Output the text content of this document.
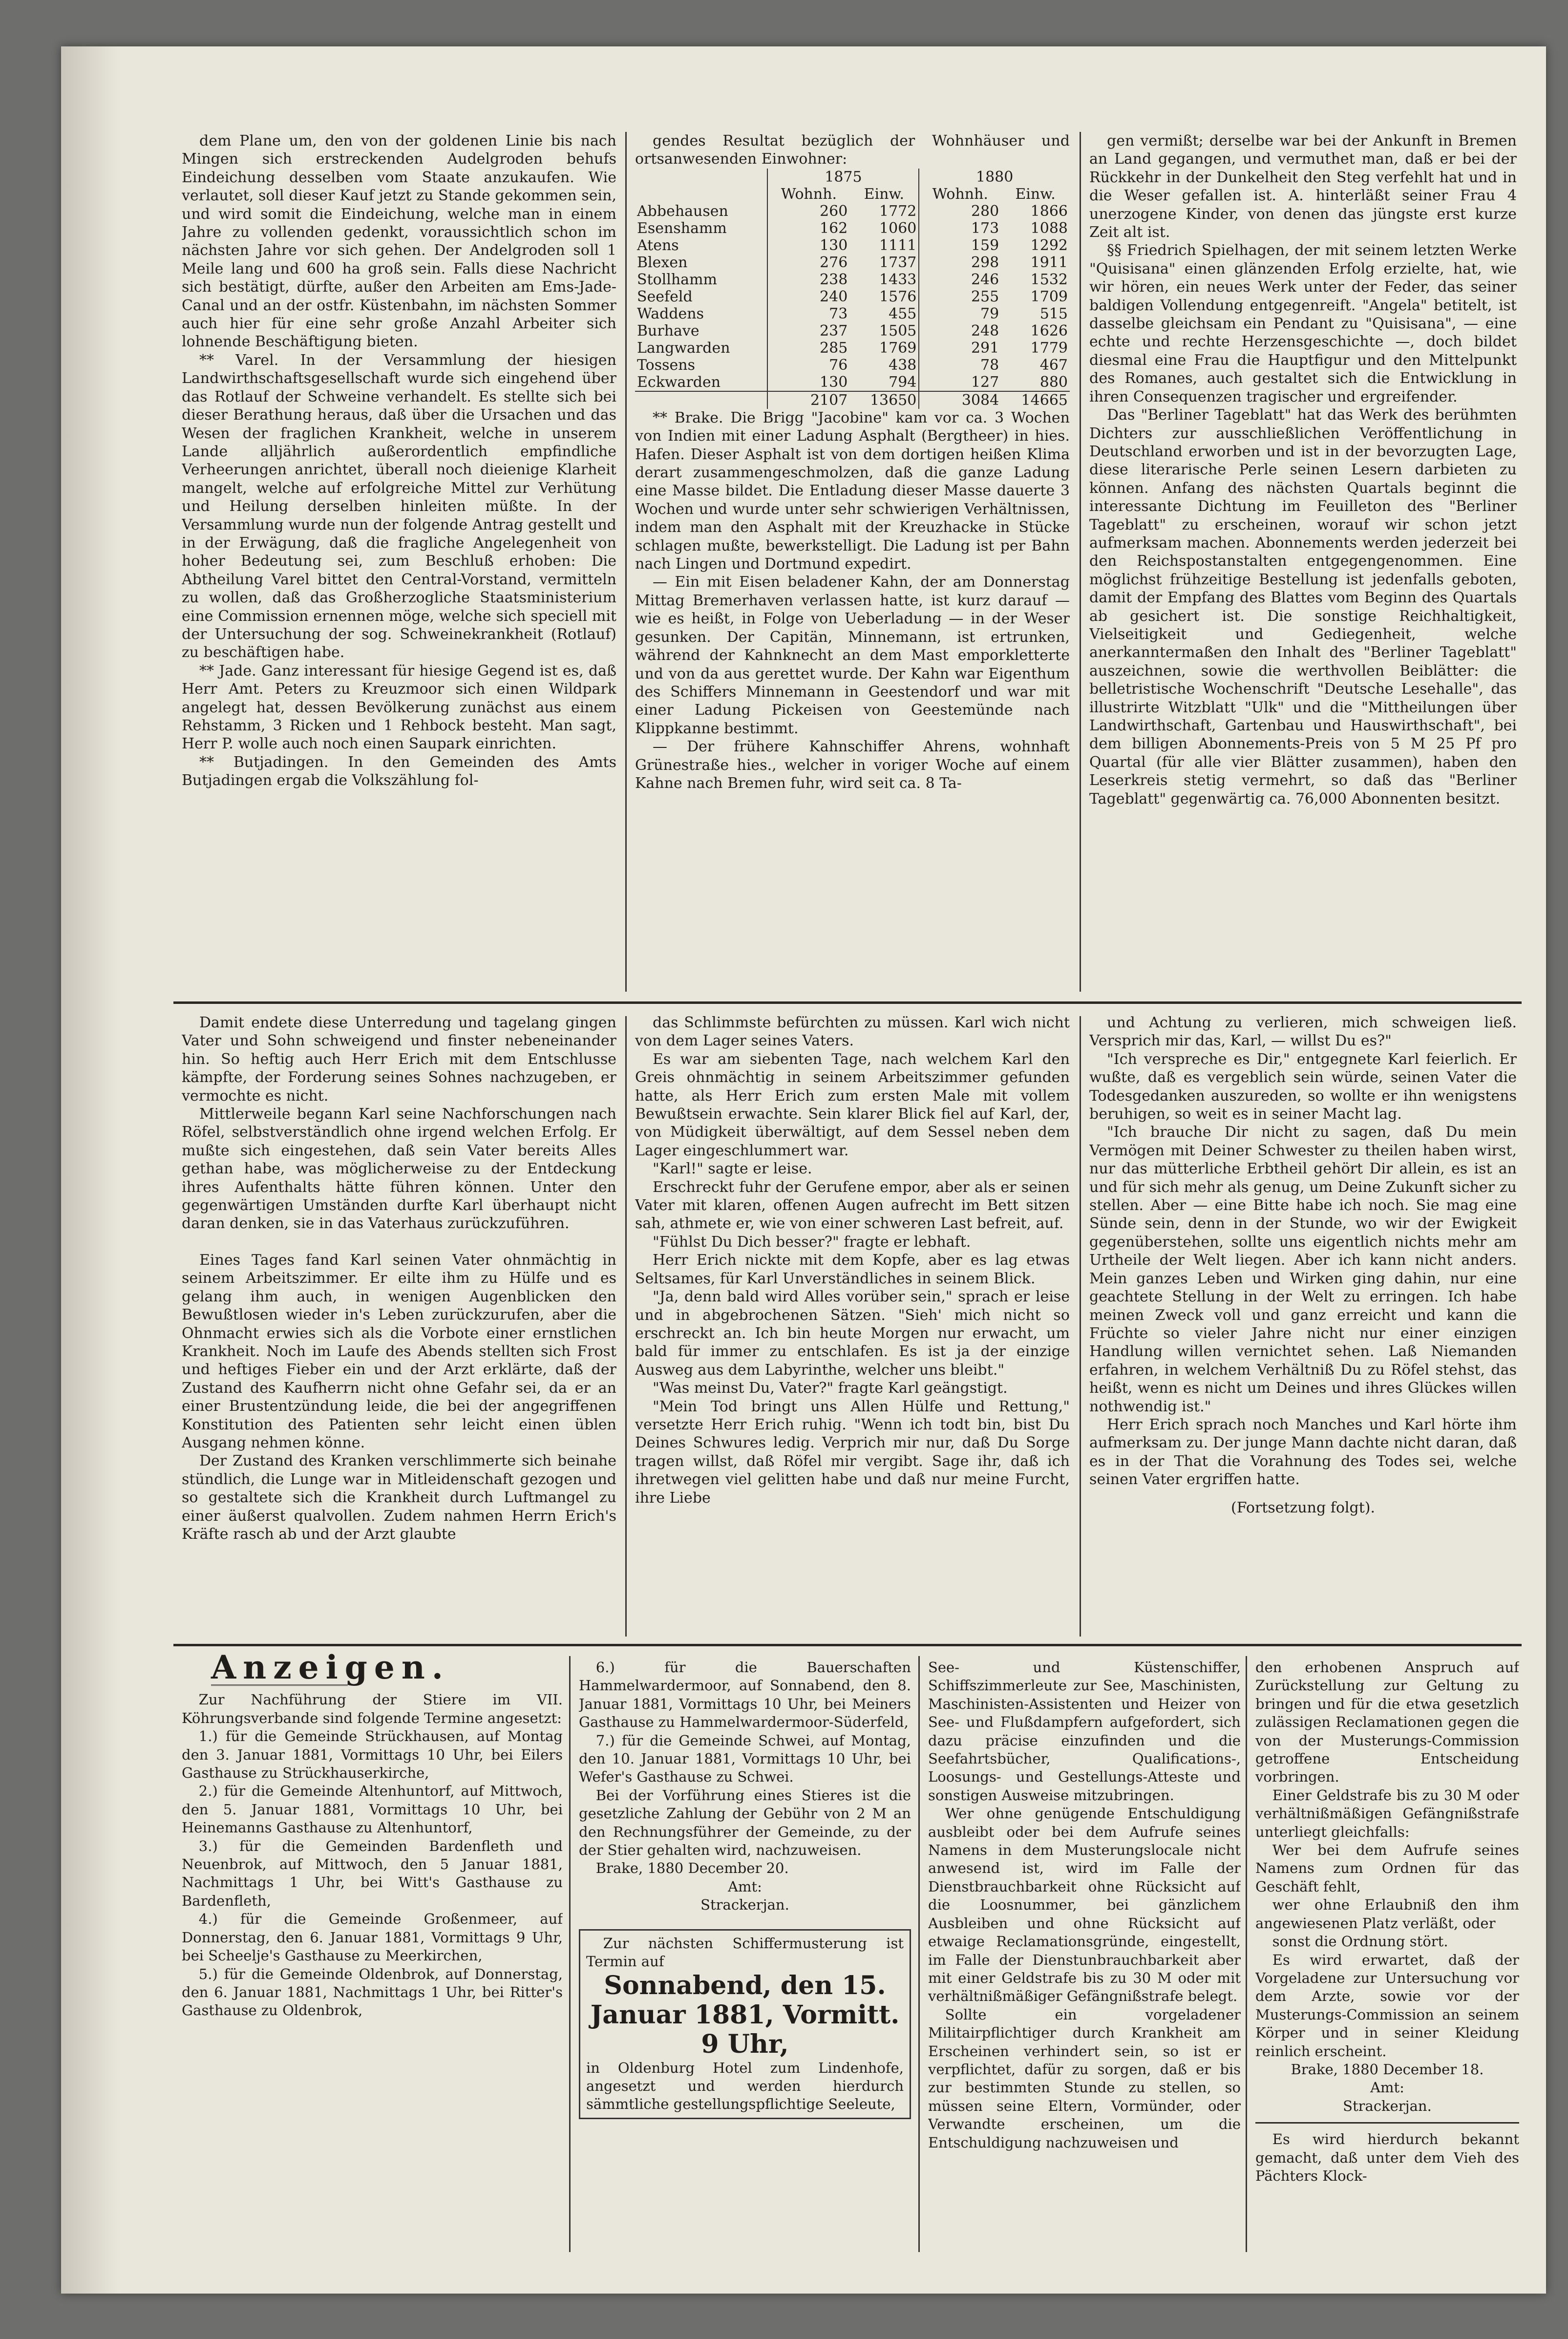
dem Plane um, den von der goldenen Linie bis nach Mingen sich erstreckenden Audelgroden behufs Eindeichung desselben vom Staate anzukaufen. Wie verlautet, soll dieser Kauf jetzt zu Stande gekommen sein, und wird somit die Eindeichung, welche man in einem Jahre zu vollenden gedenkt, voraussichtlich schon im nächsten Jahre vor sich gehen. Der Andelgroden soll 1 Meile lang und 600 ha groß sein. Falls diese Nachricht sich bestätigt, dürfte, außer den Arbeiten am Ems-Jade-Canal und an der ostfr. Küstenbahn, im nächsten Sommer auch hier für eine sehr große Anzahl Arbeiter sich lohnende Beschäftigung bieten.

** Varel. In der Versammlung der hiesigen Landwirthschaftsgesellschaft wurde sich eingehend über das Rotlauf der Schweine verhandelt. Es stellte sich bei dieser Berathung heraus, daß über die Ursachen und das Wesen der fraglichen Krankheit, welche in unserem Lande alljährlich außerordentlich empfindliche Verheerungen anrichtet, überall noch dieienige Klarheit mangelt, welche auf erfolgreiche Mittel zur Verhütung und Heilung derselben hinleiten müßte. In der Versammlung wurde nun der folgende Antrag gestellt und in der Erwägung, daß die fragliche Angelegenheit von hoher Bedeutung sei, zum Beschluß erhoben: Die Abtheilung Varel bittet den Central-Vorstand, vermitteln zu wollen, daß das Großherzogliche Staatsministerium eine Commission ernennen möge, welche sich speciell mit der Untersuchung der sog. Schweinekrankheit (Rotlauf) zu beschäftigen habe.

** Jade. Ganz interessant für hiesige Gegend ist es, daß Herr Amt. Peters zu Kreuzmoor sich einen Wildpark angelegt hat, dessen Bevölkerung zunächst aus einem Rehstamm, 3 Ricken und 1 Rehbock besteht. Man sagt, Herr P. wolle auch noch einen Saupark einrichten.

** Butjadingen. In den Gemeinden des Amts Butjadingen ergab die Volkszählung fol-

gendes Resultat bezüglich der Wohnhäuser und ortsanwesenden Einwohner:

	1875		1880	
	Wohnh.	Einw.	Wohnh.	Einw.
Abbehausen	260	1772	280	1866
Esenshamm	162	1060	173	1088
Atens	130	1111	159	1292
Blexen	276	1737	298	1911
Stollhamm	238	1433	246	1532
Seefeld	240	1576	255	1709
Waddens	73	455	79	515
Burhave	237	1505	248	1626
Langwarden	285	1769	291	1779
Tossens	76	438	78	467
Eckwarden	130	794	127	880
	2107	13650	3084	14665

** Brake. Die Brigg "Jacobine" kam vor ca. 3 Wochen von Indien mit einer Ladung Asphalt (Bergtheer) in hies. Hafen. Dieser Asphalt ist von dem dortigen heißen Klima derart zusammengeschmolzen, daß die ganze Ladung eine Masse bildet. Die Entladung dieser Masse dauerte 3 Wochen und wurde unter sehr schwierigen Verhältnissen, indem man den Asphalt mit der Kreuzhacke in Stücke schlagen mußte, bewerkstelligt. Die Ladung ist per Bahn nach Lingen und Dortmund expedirt.

— Ein mit Eisen beladener Kahn, der am Donnerstag Mittag Bremerhaven verlassen hatte, ist kurz darauf — wie es heißt, in Folge von Ueberladung — in der Weser gesunken. Der Capitän, Minnemann, ist ertrunken, während der Kahnknecht an dem Mast emporkletterte und von da aus gerettet wurde. Der Kahn war Eigenthum des Schiffers Minnemann in Geestendorf und war mit einer Ladung Pickeisen von Geestemünde nach Klippkanne bestimmt.

— Der frühere Kahnschiffer Ahrens, wohnhaft Grünestraße hies., welcher in voriger Woche auf einem Kahne nach Bremen fuhr, wird seit ca. 8 Ta-

gen vermißt; derselbe war bei der Ankunft in Bremen an Land gegangen, und vermuthet man, daß er bei der Rückkehr in der Dunkelheit den Steg verfehlt hat und in die Weser gefallen ist. A. hinterläßt seiner Frau 4 unerzogene Kinder, von denen das jüngste erst kurze Zeit alt ist.

§§ Friedrich Spielhagen, der mit seinem letzten Werke "Quisisana" einen glänzenden Erfolg erzielte, hat, wie wir hören, ein neues Werk unter der Feder, das seiner baldigen Vollendung entgegenreift. "Angela" betitelt, ist dasselbe gleichsam ein Pendant zu "Quisisana", — eine echte und rechte Herzensgeschichte —, doch bildet diesmal eine Frau die Hauptfigur und den Mittelpunkt des Romanes, auch gestaltet sich die Entwicklung in ihren Consequenzen tragischer und ergreifender.

Das "Berliner Tageblatt" hat das Werk des berühmten Dichters zur ausschließlichen Veröffentlichung in Deutschland erworben und ist in der bevorzugten Lage, diese literarische Perle seinen Lesern darbieten zu können. Anfang des nächsten Quartals beginnt die interessante Dichtung im Feuilleton des "Berliner Tageblatt" zu erscheinen, worauf wir schon jetzt aufmerksam machen. Abonnements werden jederzeit bei den Reichspostanstalten entgegengenommen. Eine möglichst frühzeitige Bestellung ist jedenfalls geboten, damit der Empfang des Blattes vom Beginn des Quartals ab gesichert ist. Die sonstige Reichhaltigkeit, Vielseitigkeit und Gediegenheit, welche anerkanntermaßen den Inhalt des "Berliner Tageblatt" auszeichnen, sowie die werthvollen Beiblätter: die belletristische Wochenschrift "Deutsche Lesehalle", das illustrirte Witzblatt "Ulk" und die "Mittheilungen über Landwirthschaft, Gartenbau und Hauswirthschaft", bei dem billigen Abonnements-Preis von 5 M 25 Pf pro Quartal (für alle vier Blätter zusammen), haben den Leserkreis stetig vermehrt, so daß das "Berliner Tageblatt" gegenwärtig ca. 76,000 Abonnenten besitzt.

Damit endete diese Unterredung und tagelang gingen Vater und Sohn schweigend und finster nebeneinander hin. So heftig auch Herr Erich mit dem Entschlusse kämpfte, der Forderung seines Sohnes nachzugeben, er vermochte es nicht.

Mittlerweile begann Karl seine Nachforschungen nach Röfel, selbstverständlich ohne irgend welchen Erfolg. Er mußte sich eingestehen, daß sein Vater bereits Alles gethan habe, was möglicherweise zu der Entdeckung ihres Aufenthalts hätte führen können. Unter den gegenwärtigen Umständen durfte Karl überhaupt nicht daran denken, sie in das Vaterhaus zurückzuführen.

Eines Tages fand Karl seinen Vater ohnmächtig in seinem Arbeitszimmer. Er eilte ihm zu Hülfe und es gelang ihm auch, in wenigen Augenblicken den Bewußtlosen wieder in's Leben zurückzurufen, aber die Ohnmacht erwies sich als die Vorbote einer ernstlichen Krankheit. Noch im Laufe des Abends stellten sich Frost und heftiges Fieber ein und der Arzt erklärte, daß der Zustand des Kaufherrn nicht ohne Gefahr sei, da er an einer Brustentzündung leide, die bei der angegriffenen Konstitution des Patienten sehr leicht einen üblen Ausgang nehmen könne.

Der Zustand des Kranken verschlimmerte sich beinahe stündlich, die Lunge war in Mitleidenschaft gezogen und so gestaltete sich die Krankheit durch Luftmangel zu einer äußerst qualvollen. Zudem nahmen Herrn Erich's Kräfte rasch ab und der Arzt glaubte

das Schlimmste befürchten zu müssen. Karl wich nicht von dem Lager seines Vaters.

Es war am siebenten Tage, nach welchem Karl den Greis ohnmächtig in seinem Arbeitszimmer gefunden hatte, als Herr Erich zum ersten Male mit vollem Bewußtsein erwachte. Sein klarer Blick fiel auf Karl, der, von Müdigkeit überwältigt, auf dem Sessel neben dem Lager eingeschlummert war.

"Karl!" sagte er leise.

Erschreckt fuhr der Gerufene empor, aber als er seinen Vater mit klaren, offenen Augen aufrecht im Bett sitzen sah, athmete er, wie von einer schweren Last befreit, auf.

"Fühlst Du Dich besser?" fragte er lebhaft.

Herr Erich nickte mit dem Kopfe, aber es lag etwas Seltsames, für Karl Unverständliches in seinem Blick.

"Ja, denn bald wird Alles vorüber sein," sprach er leise und in abgebrochenen Sätzen. "Sieh' mich nicht so erschreckt an. Ich bin heute Morgen nur erwacht, um bald für immer zu entschlafen. Es ist ja der einzige Ausweg aus dem Labyrinthe, welcher uns bleibt."

"Was meinst Du, Vater?" fragte Karl geängstigt.

"Mein Tod bringt uns Allen Hülfe und Rettung," versetzte Herr Erich ruhig. "Wenn ich todt bin, bist Du Deines Schwures ledig. Verprich mir nur, daß Du Sorge tragen willst, daß Röfel mir vergibt. Sage ihr, daß ich ihretwegen viel gelitten habe und daß nur meine Furcht, ihre Liebe

und Achtung zu verlieren, mich schweigen ließ. Versprich mir das, Karl, — willst Du es?"

"Ich verspreche es Dir," entgegnete Karl feierlich. Er wußte, daß es vergeblich sein würde, seinen Vater die Todesgedanken auszureden, so wollte er ihn wenigstens beruhigen, so weit es in seiner Macht lag.

"Ich brauche Dir nicht zu sagen, daß Du mein Vermögen mit Deiner Schwester zu theilen haben wirst, nur das mütterliche Erbtheil gehört Dir allein, es ist an und für sich mehr als genug, um Deine Zukunft sicher zu stellen. Aber — eine Bitte habe ich noch. Sie mag eine Sünde sein, denn in der Stunde, wo wir der Ewigkeit gegenüberstehen, sollte uns eigentlich nichts mehr am Urtheile der Welt liegen. Aber ich kann nicht anders. Mein ganzes Leben und Wirken ging dahin, nur eine geachtete Stellung in der Welt zu erringen. Ich habe meinen Zweck voll und ganz erreicht und kann die Früchte so vieler Jahre nicht nur einer einzigen Handlung willen vernichtet sehen. Laß Niemanden erfahren, in welchem Verhältniß Du zu Röfel stehst, das heißt, wenn es nicht um Deines und ihres Glückes willen nothwendig ist."

Herr Erich sprach noch Manches und Karl hörte ihm aufmerksam zu. Der junge Mann dachte nicht daran, daß es in der That die Vorahnung des Todes sei, welche seinen Vater ergriffen hatte.

(Fortsetzung folgt).

Anzeigen.

Zur Nachführung der Stiere im VII. Köhrungsverbande sind folgende Termine angesetzt:

1.) für die Gemeinde Strückhausen, auf Montag den 3. Januar 1881, Vormittags 10 Uhr, bei Eilers Gasthause zu Strückhauserkirche,

2.) für die Gemeinde Altenhuntorf, auf Mittwoch, den 5. Januar 1881, Vormittags 10 Uhr, bei Heinemanns Gasthause zu Altenhuntorf,

3.) für die Gemeinden Bardenfleth und Neuenbrok, auf Mittwoch, den 5 Januar 1881, Nachmittags 1 Uhr, bei Witt's Gasthause zu Bardenfleth,

4.) für die Gemeinde Großenmeer, auf Donnerstag, den 6. Januar 1881, Vormittags 9 Uhr, bei Scheelje's Gasthause zu Meerkirchen,

5.) für die Gemeinde Oldenbrok, auf Donnerstag, den 6. Januar 1881, Nachmittags 1 Uhr, bei Ritter's Gasthause zu Oldenbrok,

6.) für die Bauerschaften Hammelwardermoor, auf Sonnabend, den 8. Januar 1881, Vormittags 10 Uhr, bei Meiners Gasthause zu Hammelwardermoor-Süderfeld,

7.) für die Gemeinde Schwei, auf Montag, den 10. Januar 1881, Vormittags 10 Uhr, bei Wefer's Gasthause zu Schwei.

Bei der Vorführung eines Stieres ist die gesetzliche Zahlung der Gebühr von 2 M an den Rechnungsführer der Gemeinde, zu der der Stier gehalten wird, nachzuweisen.

Brake, 1880 December 20.

Amt:

Strackerjan.

Zur nächsten Schiffermusterung ist Termin auf

Sonnabend, den 15. Januar 1881, Vormitt. 9 Uhr,

in Oldenburg Hotel zum Lindenhofe, angesetzt und werden hierdurch sämmtliche gestellungspflichtige Seeleute,

See- und Küstenschiffer, Schiffszimmerleute zur See, Maschinisten, Maschinisten-Assistenten und Heizer von See- und Flußdampfern aufgefordert, sich dazu präcise einzufinden und die Seefahrtsbücher, Qualifications-, Loosungs- und Gestellungs-Atteste und sonstigen Ausweise mitzubringen.

Wer ohne genügende Entschuldigung ausbleibt oder bei dem Aufrufe seines Namens in dem Musterungslocale nicht anwesend ist, wird im Falle der Dienstbrauchbarkeit ohne Rücksicht auf die Loosnummer, bei gänzlichem Ausbleiben und ohne Rücksicht auf etwaige Reclamationsgründe, eingestellt, im Falle der Dienstunbrauchbarkeit aber mit einer Geldstrafe bis zu 30 M oder mit verhältnißmäßiger Gefängnißstrafe belegt.

Sollte ein vorgeladener Militairpflichtiger durch Krankheit am Erscheinen verhindert sein, so ist er verpflichtet, dafür zu sorgen, daß er bis zur bestimmten Stunde zu stellen, so müssen seine Eltern, Vormünder, oder Verwandte erscheinen, um die Entschuldigung nachzuweisen und

den erhobenen Anspruch auf Zurückstellung zur Geltung zu bringen und für die etwa gesetzlich zulässigen Reclamationen gegen die von der Musterungs-Commission getroffene Entscheidung vorbringen.

Einer Geldstrafe bis zu 30 M oder verhältnißmäßigen Gefängnißstrafe unterliegt gleichfalls:

Wer bei dem Aufrufe seines Namens zum Ordnen für das Geschäft fehlt,

wer ohne Erlaubniß den ihm angewiesenen Platz verläßt, oder

sonst die Ordnung stört.

Es wird erwartet, daß der Vorgeladene zur Untersuchung vor dem Arzte, sowie vor der Musterungs-Commission an seinem Körper und in seiner Kleidung reinlich erscheint.

Brake, 1880 December 18.

Amt:

Strackerjan.

Es wird hierdurch bekannt gemacht, daß unter dem Vieh des Pächters Klock-
